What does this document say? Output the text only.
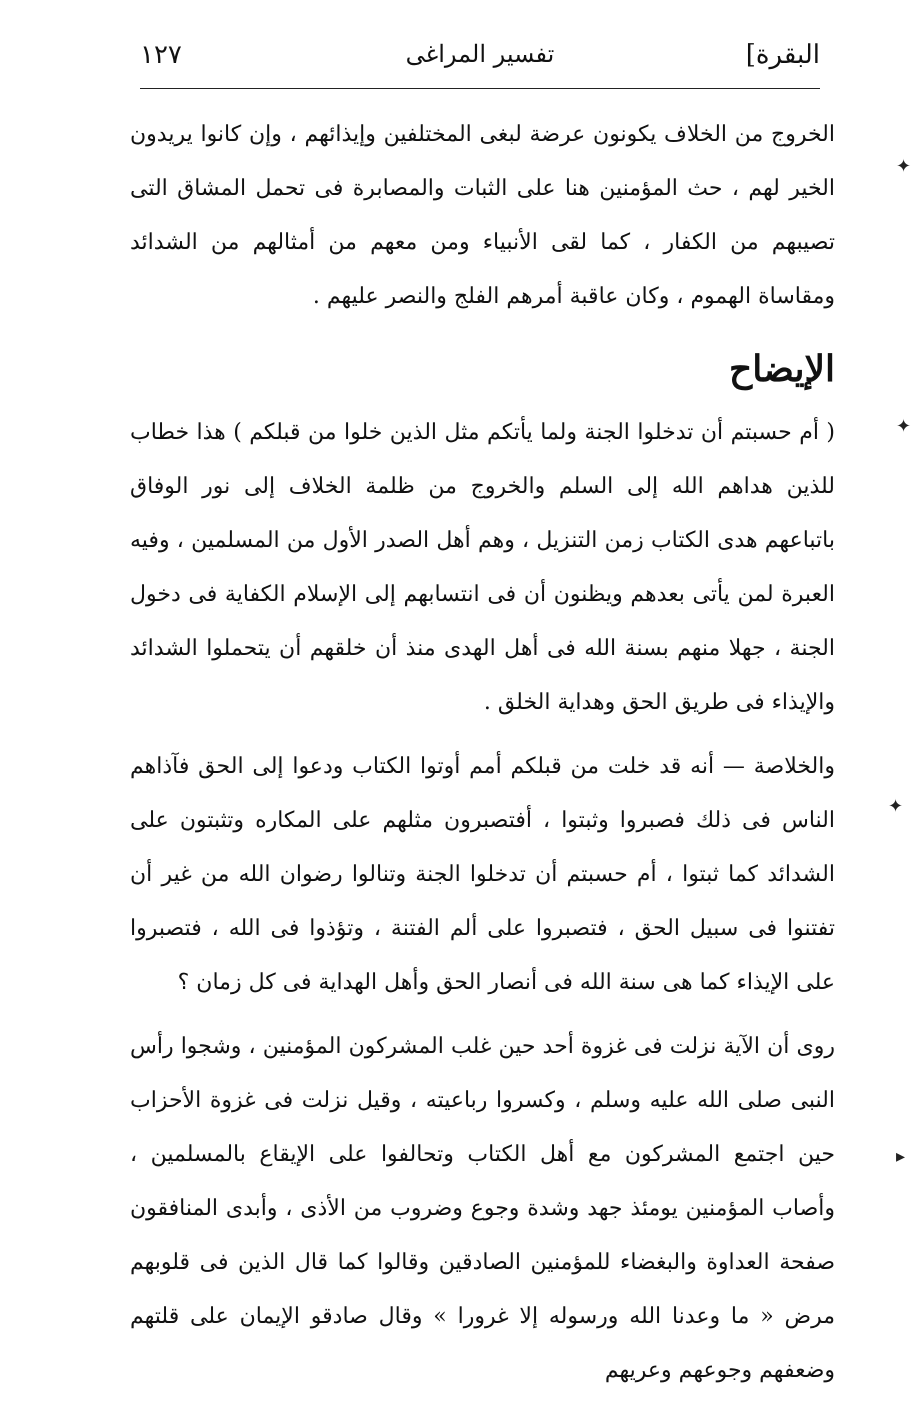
البقرة]
تفسير المراغى
١٢٧

الخروج من الخلاف يكونون عرضة لبغى المختلفين وإيذائهم ، وإن كانوا يريدون الخير لهم ، حث المؤمنين هنا على الثبات والمصابرة فى تحمل المشاق التى تصيبهم من الكفار ، كما لقى الأنبياء ومن معهم من أمثالهم من الشدائد ومقاساة الهموم ، وكان عاقبة أمرهم الفلج والنصر عليهم .

الإيضاح

( أم حسبتم أن تدخلوا الجنة ولما يأتكم مثل الذين خلوا من قبلكم ) هذا خطاب للذين هداهم الله إلى السلم والخروج من ظلمة الخلاف إلى نور الوفاق باتباعهم هدى الكتاب زمن التنزيل ، وهم أهل الصدر الأول من المسلمين ، وفيه العبرة لمن يأتى بعدهم ويظنون أن فى انتسابهم إلى الإسلام الكفاية فى دخول الجنة ، جهلا منهم بسنة الله فى أهل الهدى منذ أن خلقهم أن يتحملوا الشدائد والإيذاء فى طريق الحق وهداية الخلق .

والخلاصة — أنه قد خلت من قبلكم أمم أوتوا الكتاب ودعوا إلى الحق فآذاهم الناس فى ذلك فصبروا وثبتوا ، أفتصبرون مثلهم على المكاره وتثبتون على الشدائد كما ثبتوا ، أم حسبتم أن تدخلوا الجنة وتنالوا رضوان الله من غير أن تفتنوا فى سبيل الحق ، فتصبروا على ألم الفتنة ، وتؤذوا فى الله ، فتصبروا على الإيذاء كما هى سنة الله فى أنصار الحق وأهل الهداية فى كل زمان ؟

روى أن الآية نزلت فى غزوة أحد حين غلب المشركون المؤمنين ، وشجوا رأس النبى صلى الله عليه وسلم ، وكسروا رباعيته ، وقيل نزلت فى غزوة الأحزاب حين اجتمع المشركون مع أهل الكتاب وتحالفوا على الإيقاع بالمسلمين ، وأصاب المؤمنين يومئذ جهد وشدة وجوع وضروب من الأذى ، وأبدى المنافقون صفحة العداوة والبغضاء للمؤمنين الصادقين وقالوا كما قال الذين فى قلوبهم مرض « ما وعدنا الله ورسوله إلا غرورا » وقال صادقو الإيمان على قلتهم وضعفهم وجوعهم وعريهم

✦
✦
✦
▸
